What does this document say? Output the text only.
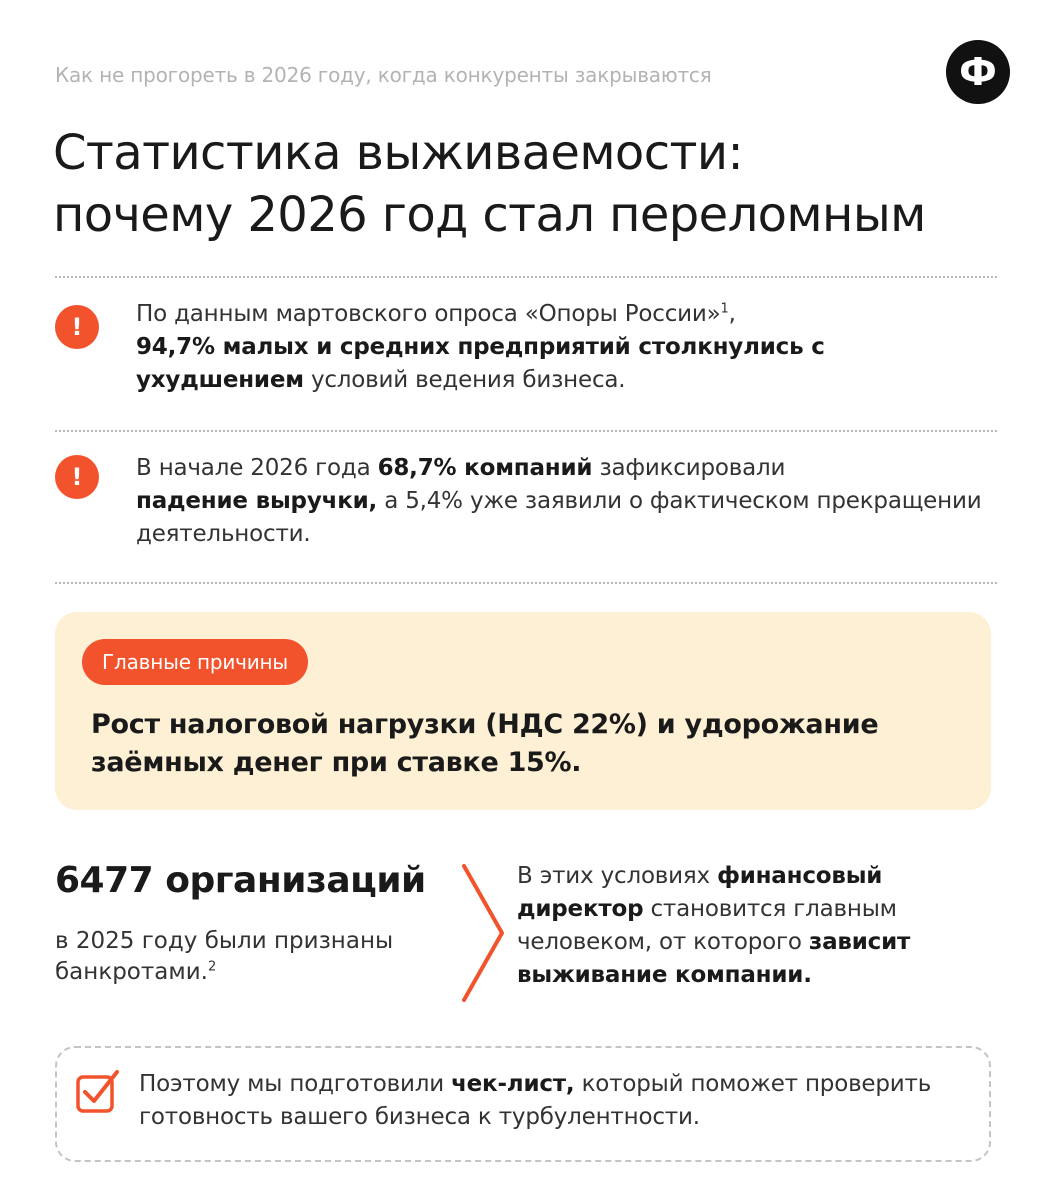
Как не прогореть в 2026 году, когда конкуренты закрываются	Ф
Статистика выживаемости:
почему 2026 год стал переломным
!	По данным мартовского опроса «Опоры России»$^1$,
94,7% малых и средних предприятий столкнулись с ухудшением условий ведения бизнеса.

!	В начале 2026 года 68,7% компаний зафиксировали
падение выручки, а 5,4% уже заявили о фактическом прекращении деятельности.

Главные причины
Рост налоговой нагрузки (НДС 22%) и удорожание заёмных денег при ставке 15%.
6477 организаций

в 2025 году были признаны банкротами.$^2$

В этих условиях финансовый директор становится главным человеком, от которого зависит выживание компании.

Поэтому мы подготовили чек-лист, который поможет проверить готовность вашего бизнеса к турбулентности.
